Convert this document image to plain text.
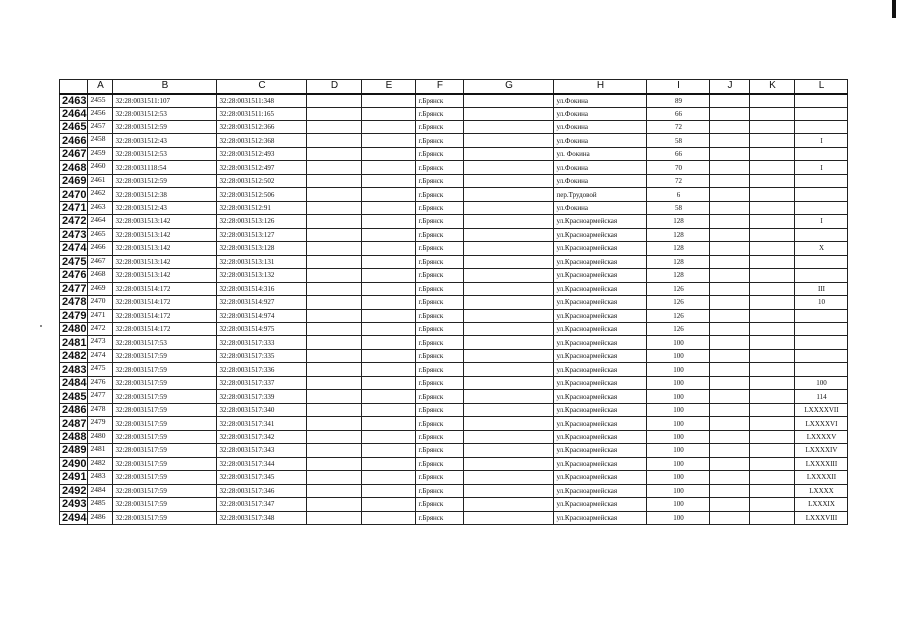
	A	B	C	D	E	F	G	H	I	J	K	L
2463	2455	32:28:0031511:107	32:28:0031511:348			г.Брянск		ул.Фокина	89			
2464	2456	32:28:0031512:53	32:28:0031511:165			г.Брянск		ул.Фокина	66			
2465	2457	32:28:0031512:59	32:28:0031512:366			г.Брянск		ул.Фокина	72			
2466	2458	32:28:0031512:43	32:28:0031512:368			г.Брянск		ул.Фокина	58			I
2467	2459	32:28:0031512:53	32:28:0031512:493			г.Брянск		ул. Фокина	66			
2468	2460	32:28:0031118:54	32:28:0031512:497			г.Брянск		ул.Фокина	70			I
2469	2461	32:28:0031512:59	32:28:0031512:502			г.Брянск		ул.Фокина	72			
2470	2462	32:28:0031512:38	32:28:0031512:506			г.Брянск		пер.Трудовой	6			
2471	2463	32:28:0031512:43	32:28:0031512:91			г.Брянск		ул.Фокина	58			
2472	2464	32:28:0031513:142	32:28:0031513:126			г.Брянск		ул.Красноармейская	128			I
2473	2465	32:28:0031513:142	32:28:0031513:127			г.Брянск		ул.Красноармейская	128			
2474	2466	32:28:0031513:142	32:28:0031513:128			г.Брянск		ул.Красноармейская	128			X
2475	2467	32:28:0031513:142	32:28:0031513:131			г.Брянск		ул.Красноармейская	128			
2476	2468	32:28:0031513:142	32:28:0031513:132			г.Брянск		ул.Красноармейская	128			
2477	2469	32:28:0031514:172	32:28:0031514:316			г.Брянск		ул.Красноармейская	126			III
2478	2470	32:28:0031514:172	32:28:0031514:927			г.Брянск		ул.Красноармейская	126			10
2479	2471	32:28:0031514:172	32:28:0031514:974			г.Брянск		ул.Красноармейская	126			
2480	2472	32:28:0031514:172	32:28:0031514:975			г.Брянск		ул.Красноармейская	126			
2481	2473	32:28:0031517:53	32:28:0031517:333			г.Брянск		ул.Красноармейская	100			
2482	2474	32:28:0031517:59	32:28:0031517:335			г.Брянск		ул.Красноармейская	100			
2483	2475	32:28:0031517:59	32:28:0031517:336			г.Брянск		ул.Красноармейская	100			
2484	2476	32:28:0031517:59	32:28:0031517:337			г.Брянск		ул.Красноармейская	100			100
2485	2477	32:28:0031517:59	32:28:0031517:339			г.Брянск		ул.Красноармейская	100			114
2486	2478	32:28:0031517:59	32:28:0031517:340			г.Брянск		ул.Красноармейская	100			LXXXXVII
2487	2479	32:28:0031517:59	32:28:0031517:341			г.Брянск		ул.Красноармейская	100			LXXXXVI
2488	2480	32:28:0031517:59	32:28:0031517:342			г.Брянск		ул.Красноармейская	100			LXXXXV
2489	2481	32:28:0031517:59	32:28:0031517:343			г.Брянск		ул.Красноармейская	100			LXXXXIV
2490	2482	32:28:0031517:59	32:28:0031517:344			г.Брянск		ул.Красноармейская	100			LXXXXIII
2491	2483	32:28:0031517:59	32:28:0031517:345			г.Брянск		ул.Красноармейская	100			LXXXXII
2492	2484	32:28:0031517:59	32:28:0031517:346			г.Брянск		ул.Красноармейская	100			LXXXX
2493	2485	32:28:0031517:59	32:28:0031517:347			г.Брянск		ул.Красноармейская	100			LXXXIX
2494	2486	32:28:0031517:59	32:28:0031517:348			г.Брянск		ул.Красноармейская	100			LXXXVIII
